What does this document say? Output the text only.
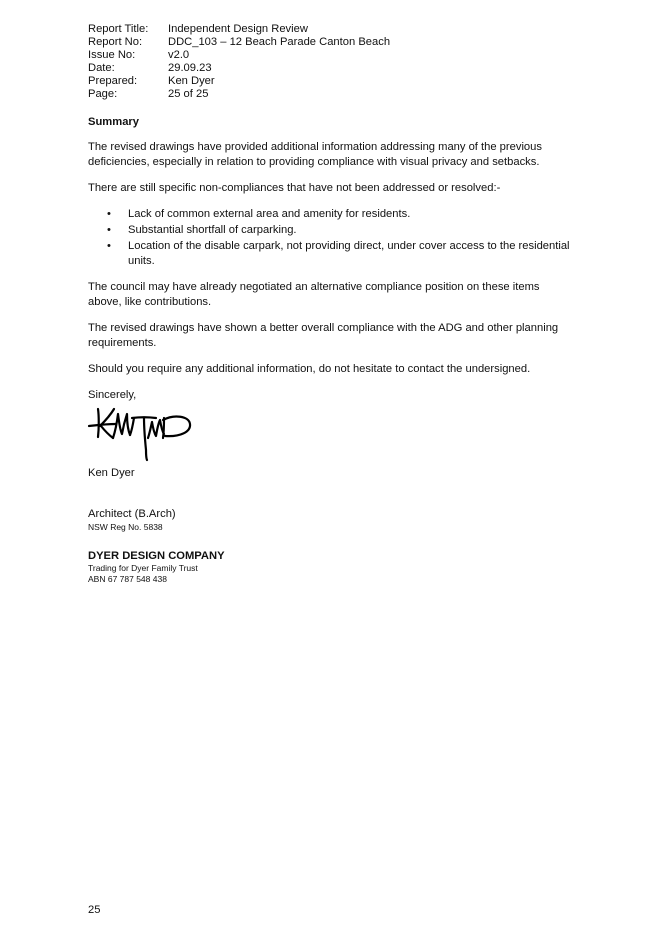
Report Title:	Independent Design Review
Report No:	DDC_103 – 12 Beach Parade Canton Beach
Issue No:	v2.0
Date:	29.09.23
Prepared:	Ken Dyer
Page:	25 of 25

Summary

The revised drawings have provided additional information addressing many of the previous deficiencies, especially in relation to providing compliance with visual privacy and setbacks.

There are still specific non-compliances that have not been addressed or resolved:-

• Lack of common external area and amenity for residents.
• Substantial shortfall of carparking.
• Location of the disable carpark, not providing direct, under cover access to the residential units.

The council may have already negotiated an alternative compliance position on these items above, like contributions.

The revised drawings have shown a better overall compliance with the ADG and other planning requirements.

Should you require any additional information, do not hesitate to contact the undersigned.

Sincerely,

Ken Dyer

Architect (B.Arch)

NSW Reg No. 5838

DYER DESIGN COMPANY

Trading for Dyer Family Trust

ABN 67 787 548 438

25
